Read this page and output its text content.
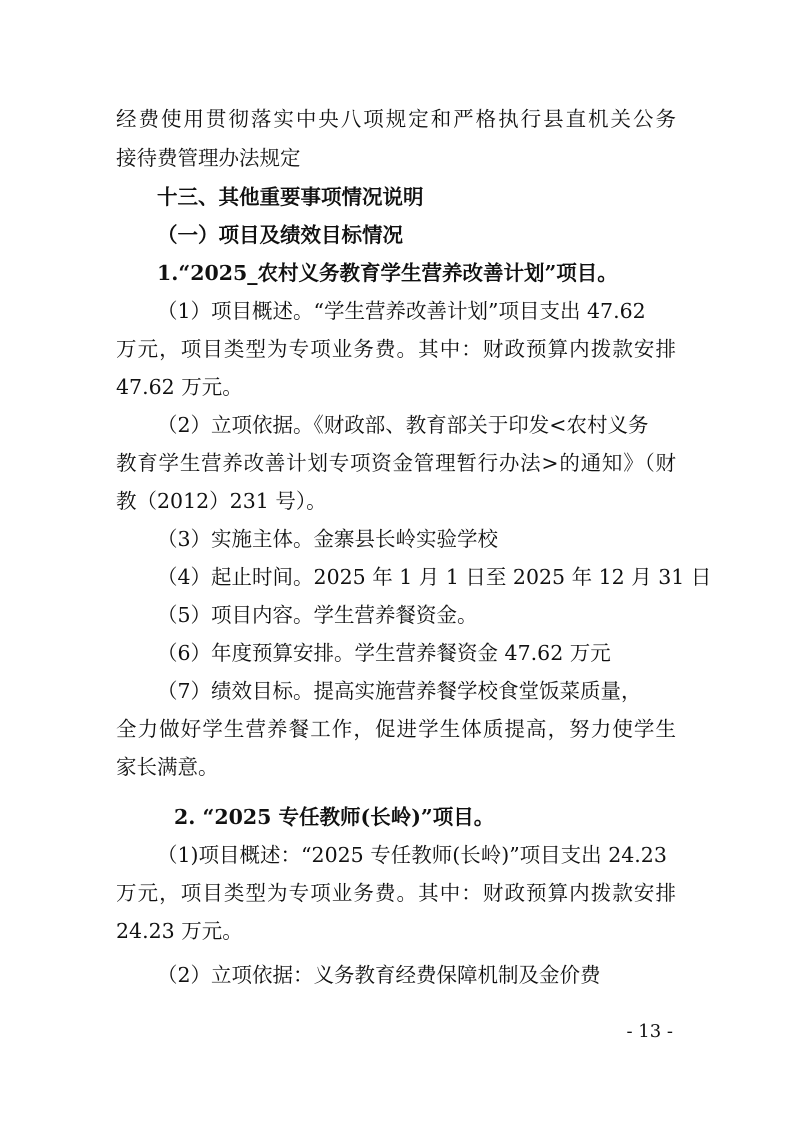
经费使用贯彻落实中央八项规定和严格执行县直机关公务
接待费管理办法规定
十三、其他重要事项情况说明
（一）项目及绩效目标情况
1.“2025_农村义务教育学生营养改善计划”项目。
（1）项目概述。“学生营养改善计划”项目支出 47.62
万元，项目类型为专项业务费。其中：财政预算内拨款安排
47.62 万元。
（2）立项依据。《财政部、教育部关于印发<农村义务
教育学生营养改善计划专项资金管理暂行办法>的通知》（财
教（2012）231 号）。
（3）实施主体。金寨县长岭实验学校
（4）起止时间。2025 年 1 月 1 日至 2025 年 12 月 31 日
（5）项目内容。学生营养餐资金。
（6）年度预算安排。学生营养餐资金 47.62 万元
（7）绩效目标。提高实施营养餐学校食堂饭菜质量，
全力做好学生营养餐工作，促进学生体质提高，努力使学生
家长满意。
2. “2025 专任教师(长岭)”项目。
（1)项目概述：“2025 专任教师(长岭)”项目支出 24.23
万元，项目类型为专项业务费。其中：财政预算内拨款安排
24.23 万元。
（2）立项依据：义务教育经费保障机制及金价费
- 13 -
